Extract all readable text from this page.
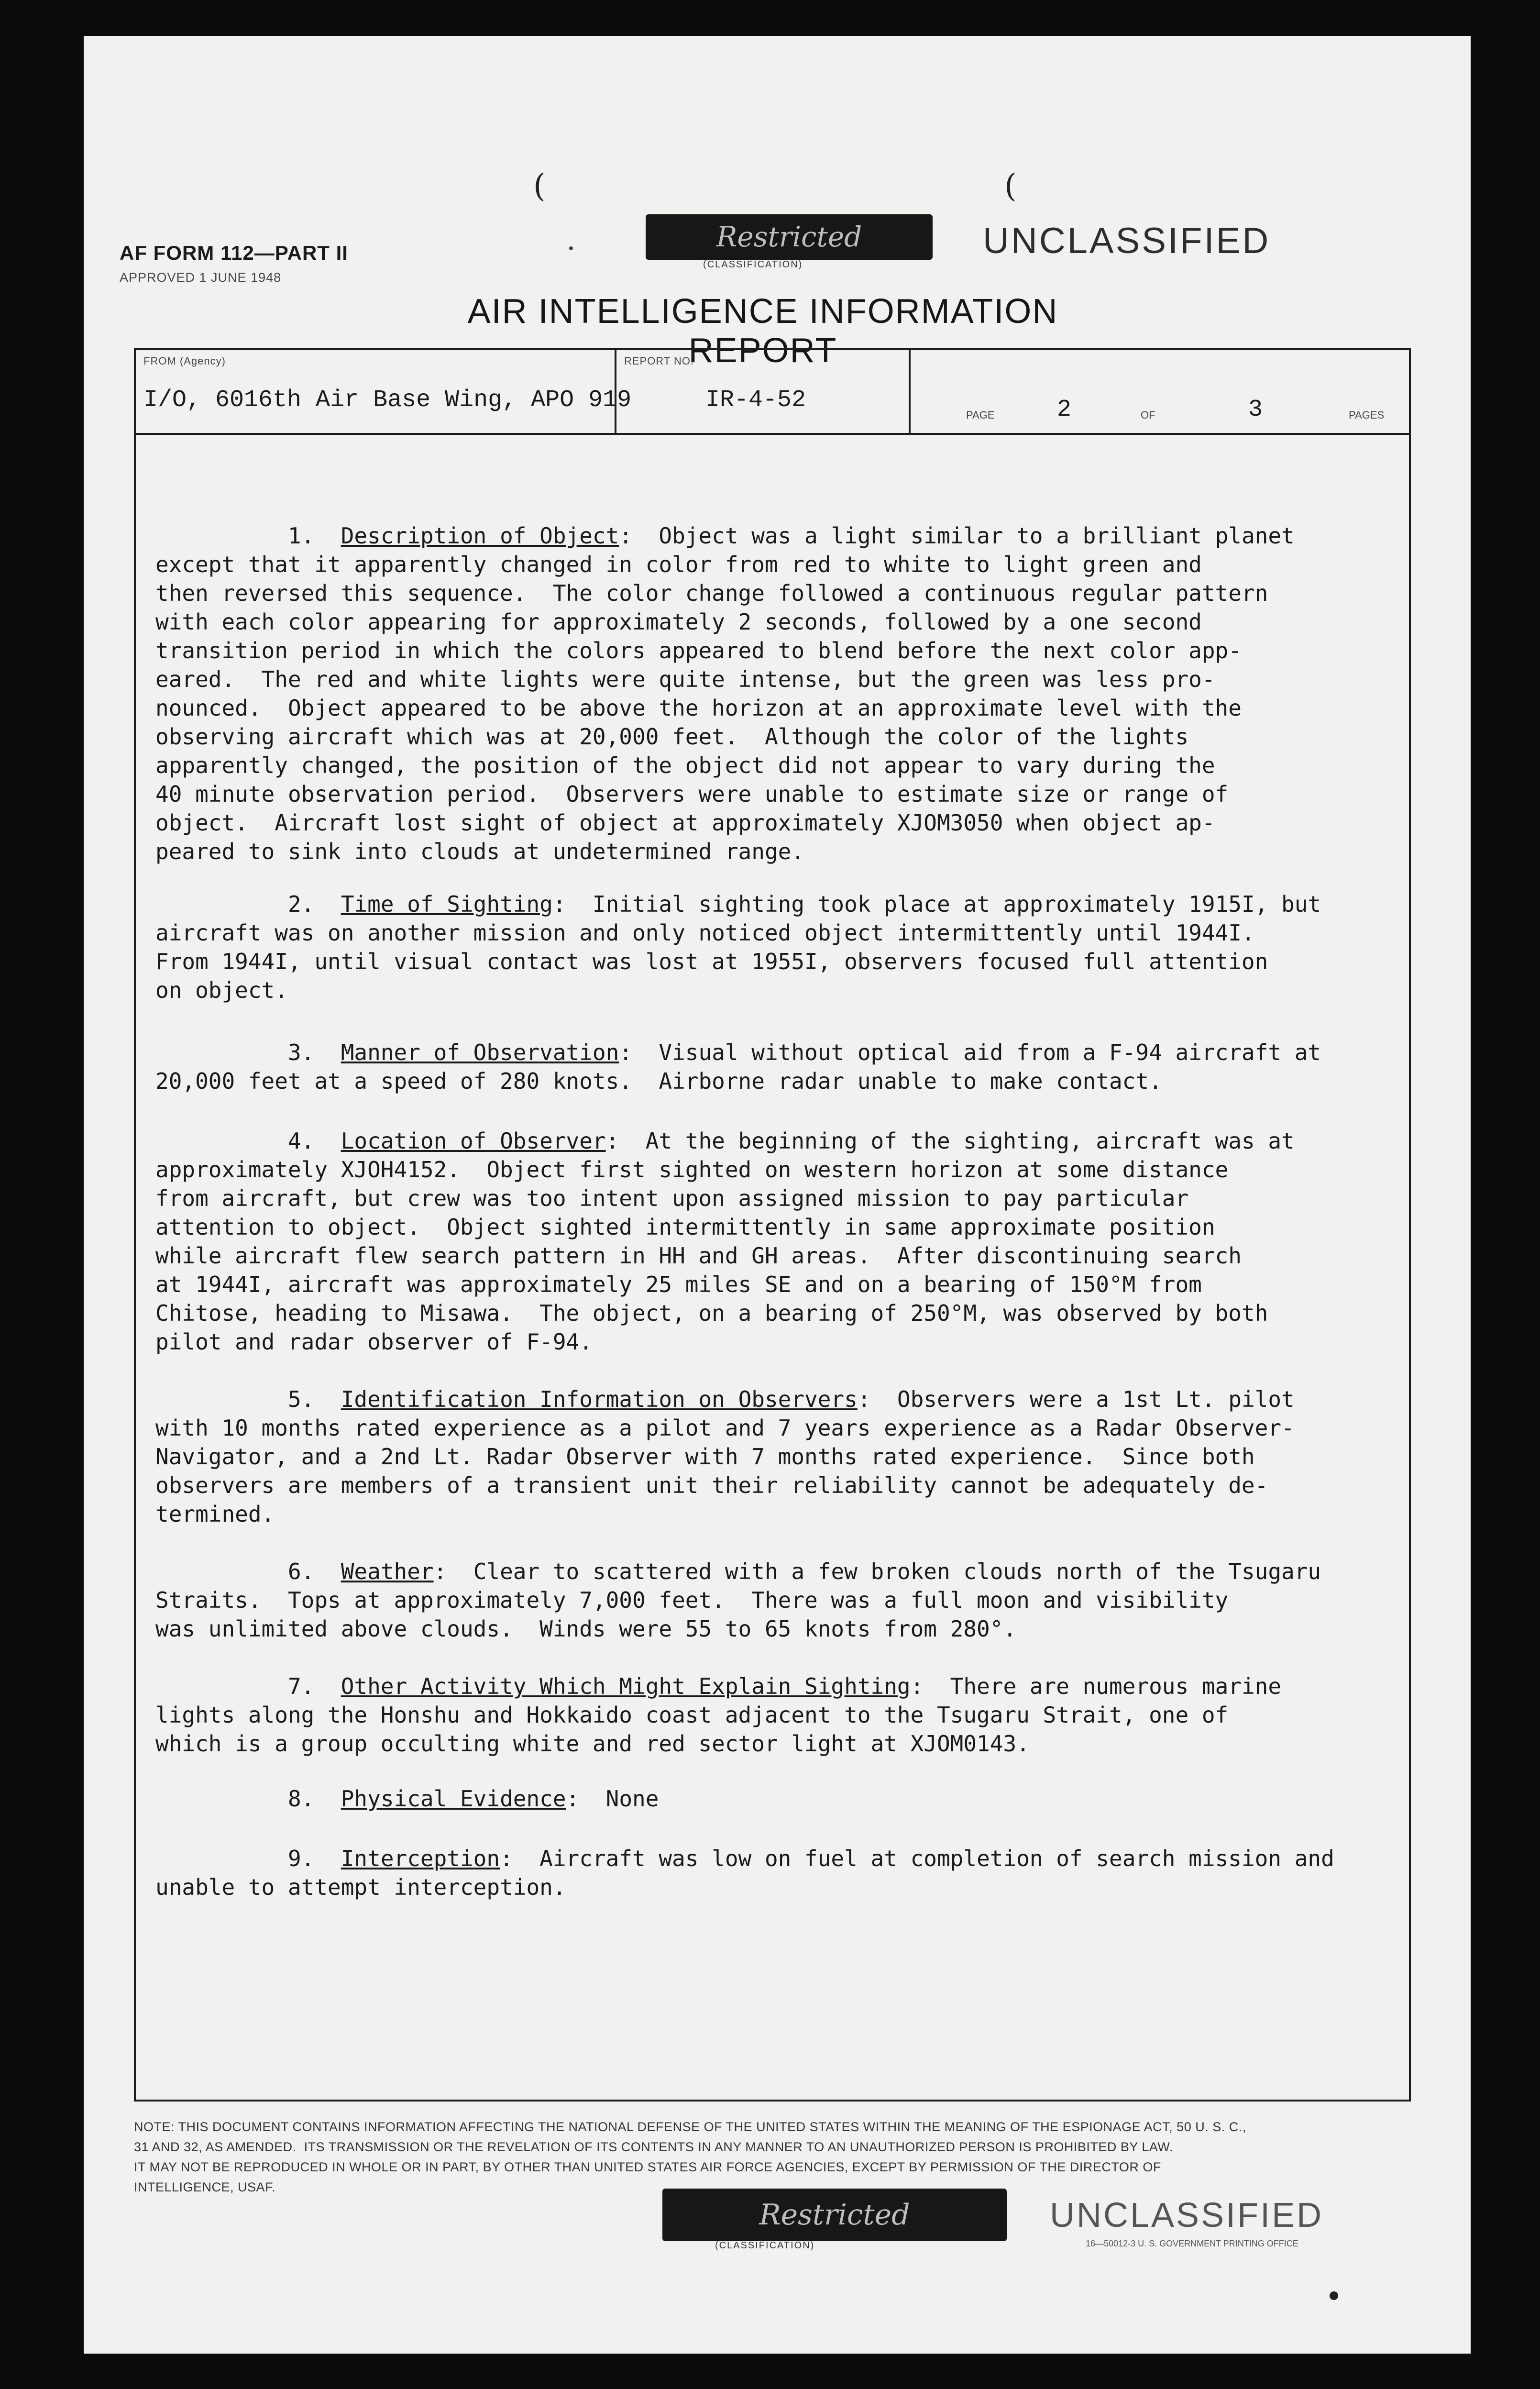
(	(
•
AF FORM 112—PART II
APPROVED 1 JUNE 1948
Restricted
(CLASSIFICATION)
UNCLASSIFIED
AIR INTELLIGENCE INFORMATION REPORT
FROM (Agency)
I/O, 6016th Air Base Wing, APO 919
REPORT NO.
IR-4-52
PAGE	2	OF	3	PAGES
1. Description of Object:  Object was a light similar to a brilliant planet
except that it apparently changed in color from red to white to light green and
then reversed this sequence.  The color change followed a continuous regular pattern
with each color appearing for approximately 2 seconds, followed by a one second
transition period in which the colors appeared to blend before the next color app-
eared.  The red and white lights were quite intense, but the green was less pro-
nounced.  Object appeared to be above the horizon at an approximate level with the
observing aircraft which was at 20,000 feet.  Although the color of the lights
apparently changed, the position of the object did not appear to vary during the
40 minute observation period.  Observers were unable to estimate size or range of
object.  Aircraft lost sight of object at approximately XJOM3050 when object ap-
peared to sink into clouds at undetermined range.
2. Time of Sighting:  Initial sighting took place at approximately 1915I, but
aircraft was on another mission and only noticed object intermittently until 1944I.
From 1944I, until visual contact was lost at 1955I, observers focused full attention
on object.
3. Manner of Observation:  Visual without optical aid from a F-94 aircraft at
20,000 feet at a speed of 280 knots.  Airborne radar unable to make contact.
4. Location of Observer:  At the beginning of the sighting, aircraft was at
approximately XJOH4152.  Object first sighted on western horizon at some distance
from aircraft, but crew was too intent upon assigned mission to pay particular
attention to object.  Object sighted intermittently in same approximate position
while aircraft flew search pattern in HH and GH areas.  After discontinuing search
at 1944I, aircraft was approximately 25 miles SE and on a bearing of 150°M from
Chitose, heading to Misawa.  The object, on a bearing of 250°M, was observed by both
pilot and radar observer of F-94.
5. Identification Information on Observers:  Observers were a 1st Lt. pilot
with 10 months rated experience as a pilot and 7 years experience as a Radar Observer-
Navigator, and a 2nd Lt. Radar Observer with 7 months rated experience.  Since both
observers are members of a transient unit their reliability cannot be adequately de-
termined.
6. Weather:  Clear to scattered with a few broken clouds north of the Tsugaru
Straits.  Tops at approximately 7,000 feet.  There was a full moon and visibility
was unlimited above clouds.  Winds were 55 to 65 knots from 280°.
7. Other Activity Which Might Explain Sighting:  There are numerous marine
lights along the Honshu and Hokkaido coast adjacent to the Tsugaru Strait, one of
which is a group occulting white and red sector light at XJOM0143.
8. Physical Evidence:  None
9. Interception:  Aircraft was low on fuel at completion of search mission and
unable to attempt interception.
NOTE: THIS DOCUMENT CONTAINS INFORMATION AFFECTING THE NATIONAL DEFENSE OF THE UNITED STATES WITHIN THE MEANING OF THE ESPIONAGE ACT, 50 U. S. C.,
31 AND 32, AS AMENDED.  ITS TRANSMISSION OR THE REVELATION OF ITS CONTENTS IN ANY MANNER TO AN UNAUTHORIZED PERSON IS PROHIBITED BY LAW.
IT MAY NOT BE REPRODUCED IN WHOLE OR IN PART, BY OTHER THAN UNITED STATES AIR FORCE AGENCIES, EXCEPT BY PERMISSION OF THE DIRECTOR OF
INTELLIGENCE, USAF.
Restricted
(CLASSIFICATION)
UNCLASSIFIED
16—50012-3 U. S. GOVERNMENT PRINTING OFFICE
